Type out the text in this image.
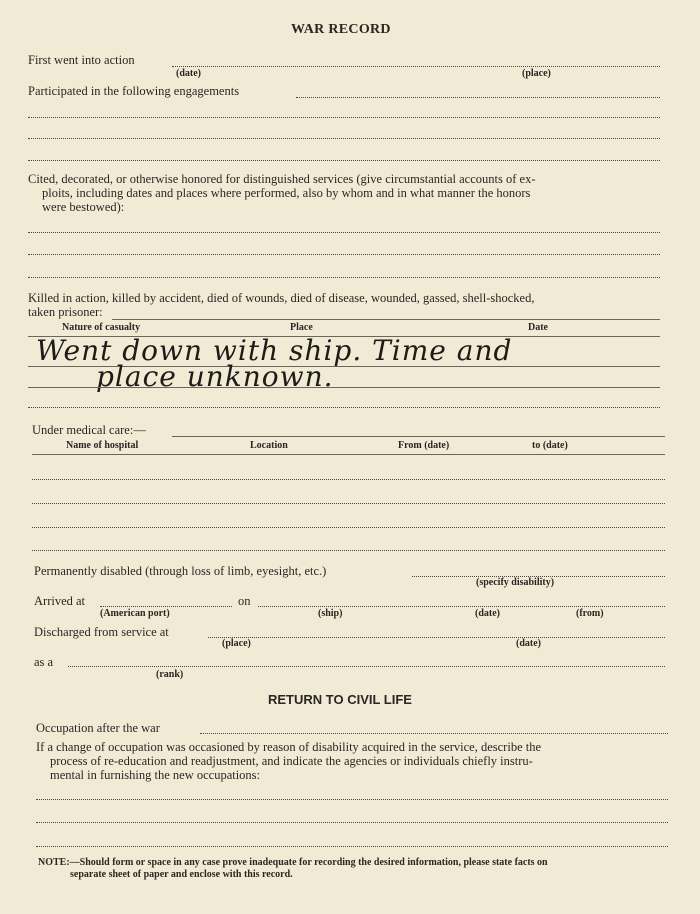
WAR RECORD
First went into action
(date)	(place)
Participated in the following engagements
Cited, decorated, or otherwise honored for distinguished services (give circumstantial accounts of ex-
ploits, including dates and places where performed, also by whom and in what manner the honors
were bestowed):
Killed in action, killed by accident, died of wounds, died of disease, wounded, gassed, shell-shocked,
taken prisoner:
Nature of casualty	Place	Date
Went down with ship. Time and
place unknown.
Under medical care:—
Name of hospital	Location	From (date)	to (date)
Permanently disabled (through loss of limb, eyesight, etc.)
(specify disability)
Arrived at	on
(American port)	(ship)	(date)	(from)
Discharged from service at
(place)	(date)
as a
(rank)
RETURN TO CIVIL LIFE
Occupation after the war
If a change of occupation was occasioned by reason of disability acquired in the service, describe the
process of re-education and readjustment, and indicate the agencies or individuals chiefly instru-
mental in furnishing the new occupations:
NOTE:—Should form or space in any case prove inadequate for recording the desired information, please state facts on
separate sheet of paper and enclose with this record.
